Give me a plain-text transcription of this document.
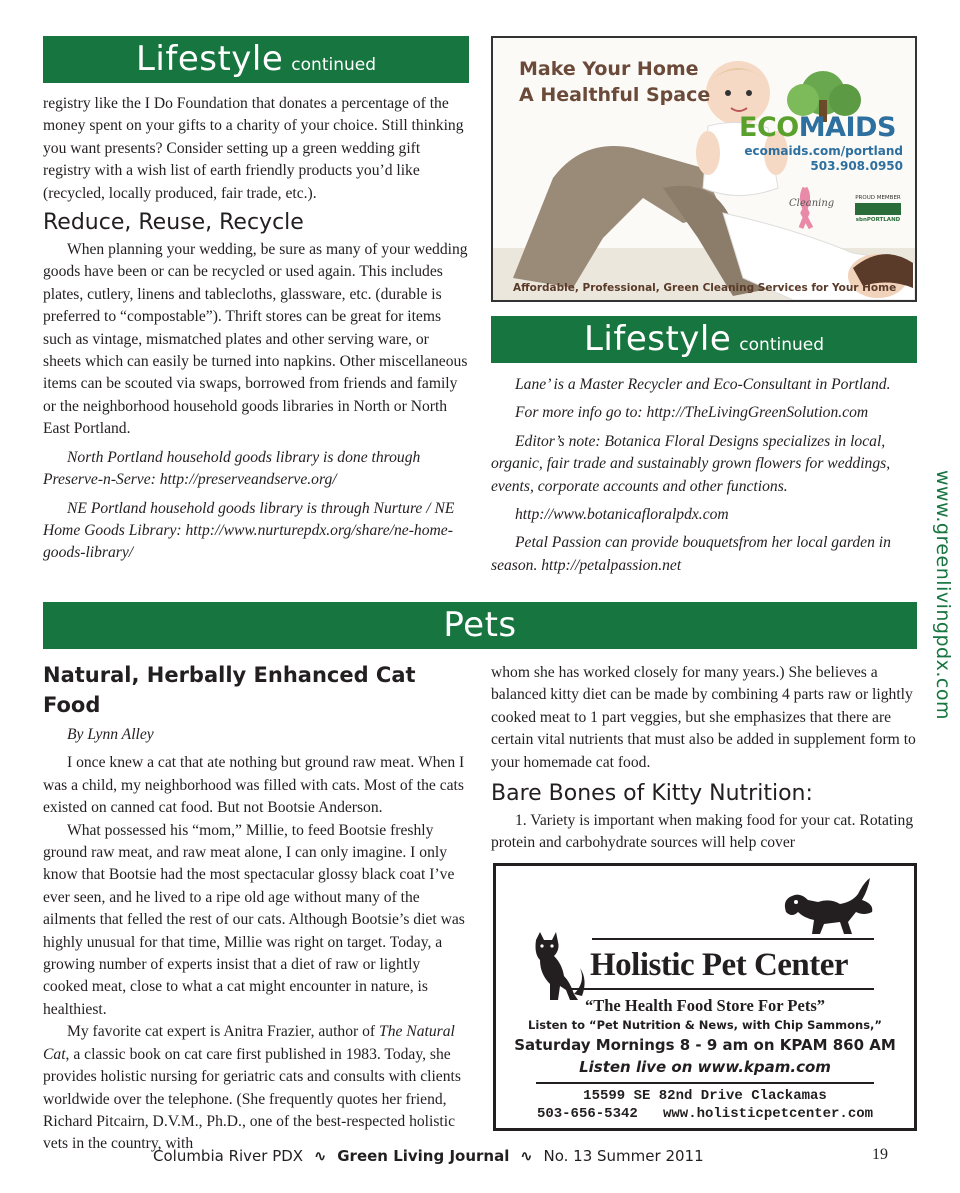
Lifestyle continued

registry like the I Do Foundation that donates a percentage of the money spent on your gifts to a charity of your choice. Still thinking you want presents? Consider setting up a green wedding gift registry with a wish list of earth friendly products you’d like (recycled, locally produced, fair trade, etc.).

Reduce, Reuse, Recycle

When planning your wedding, be sure as many of your wedding goods have been or can be recycled or used again. This includes plates, cutlery, linens and tablecloths, glassware, etc. (durable is preferred to “compostable”). Thrift stores can be great for items such as vintage, mismatched plates and other serving ware, or sheets which can easily be turned into napkins. Other miscellaneous items can be scouted via swaps, borrowed from friends and family or the neighborhood household goods libraries in North or North East Portland.

North Portland household goods library is done through Preserve-n-Serve: http://preserveandserve.org/

NE Portland household goods library is through Nurture / NE Home Goods Library: http://www.nurturepdx.org/share/ne-home-goods-library/

Make Your Home
A Healthful Space
ECOMAIDS
ecomaids.com/portland
503.908.0950
Cleaning	PROUD MEMBER
sbnPORTLAND
Affordable, Professional, Green Cleaning Services for Your Home
Lifestyle continued

Lane’ is a Master Recycler and Eco-Consultant in Portland.

For more info go to: http://TheLivingGreenSolution.com

Editor’s note: Botanica Floral Designs specializes in local, organic, fair trade and sustainably grown flowers for weddings, events, corporate accounts and other functions.

http://www.botanicafloralpdx.com

Petal Passion can provide bouquetsfrom her local garden in season. http://petalpassion.net	www.greenlivingpdx.com
Pets
Natural, Herbally Enhanced Cat Food

By Lynn Alley

I once knew a cat that ate nothing but ground raw meat. When I was a child, my neighborhood was filled with cats. Most of the cats existed on canned cat food. But not Bootsie Anderson.

What possessed his “mom,” Millie, to feed Bootsie freshly ground raw meat, and raw meat alone, I can only imagine. I only know that Bootsie had the most spectacular glossy black coat I’ve ever seen, and he lived to a ripe old age without many of the ailments that felled the rest of our cats. Although Bootsie’s diet was highly unusual for that time, Millie was right on target. Today, a growing number of experts insist that a diet of raw or lightly cooked meat, close to what a cat might encounter in nature, is healthiest.

My favorite cat expert is Anitra Frazier, author of The Natural Cat, a classic book on cat care first published in 1983. Today, she provides holistic nursing for geriatric cats and consults with clients worldwide over the telephone. (She frequently quotes her friend, Richard Pitcairn, D.V.M., Ph.D., one of the best-respected holistic vets in the country, with

whom she has worked closely for many years.) She believes a balanced kitty diet can be made by combining 4 parts raw or lightly cooked meat to 1 part veggies, but she emphasizes that there are certain vital nutrients that must also be added in supplement form to your homemade cat food.

Bare Bones of Kitty Nutrition:

1. Variety is important when making food for your cat. Rotating protein and carbohydrate sources will help cover

Holistic Pet Center
“The Health Food Store For Pets”
Listen to “Pet Nutrition & News, with Chip Sammons,”
Saturday Mornings 8 - 9 am on KPAM 860 AM
Listen live on www.kpam.com
15599 SE 82nd Drive Clackamas
503-656-5342 www.holisticpetcenter.com
Columbia River PDX ∿ Green Living Journal ∿ No. 13 Summer 2011	19
